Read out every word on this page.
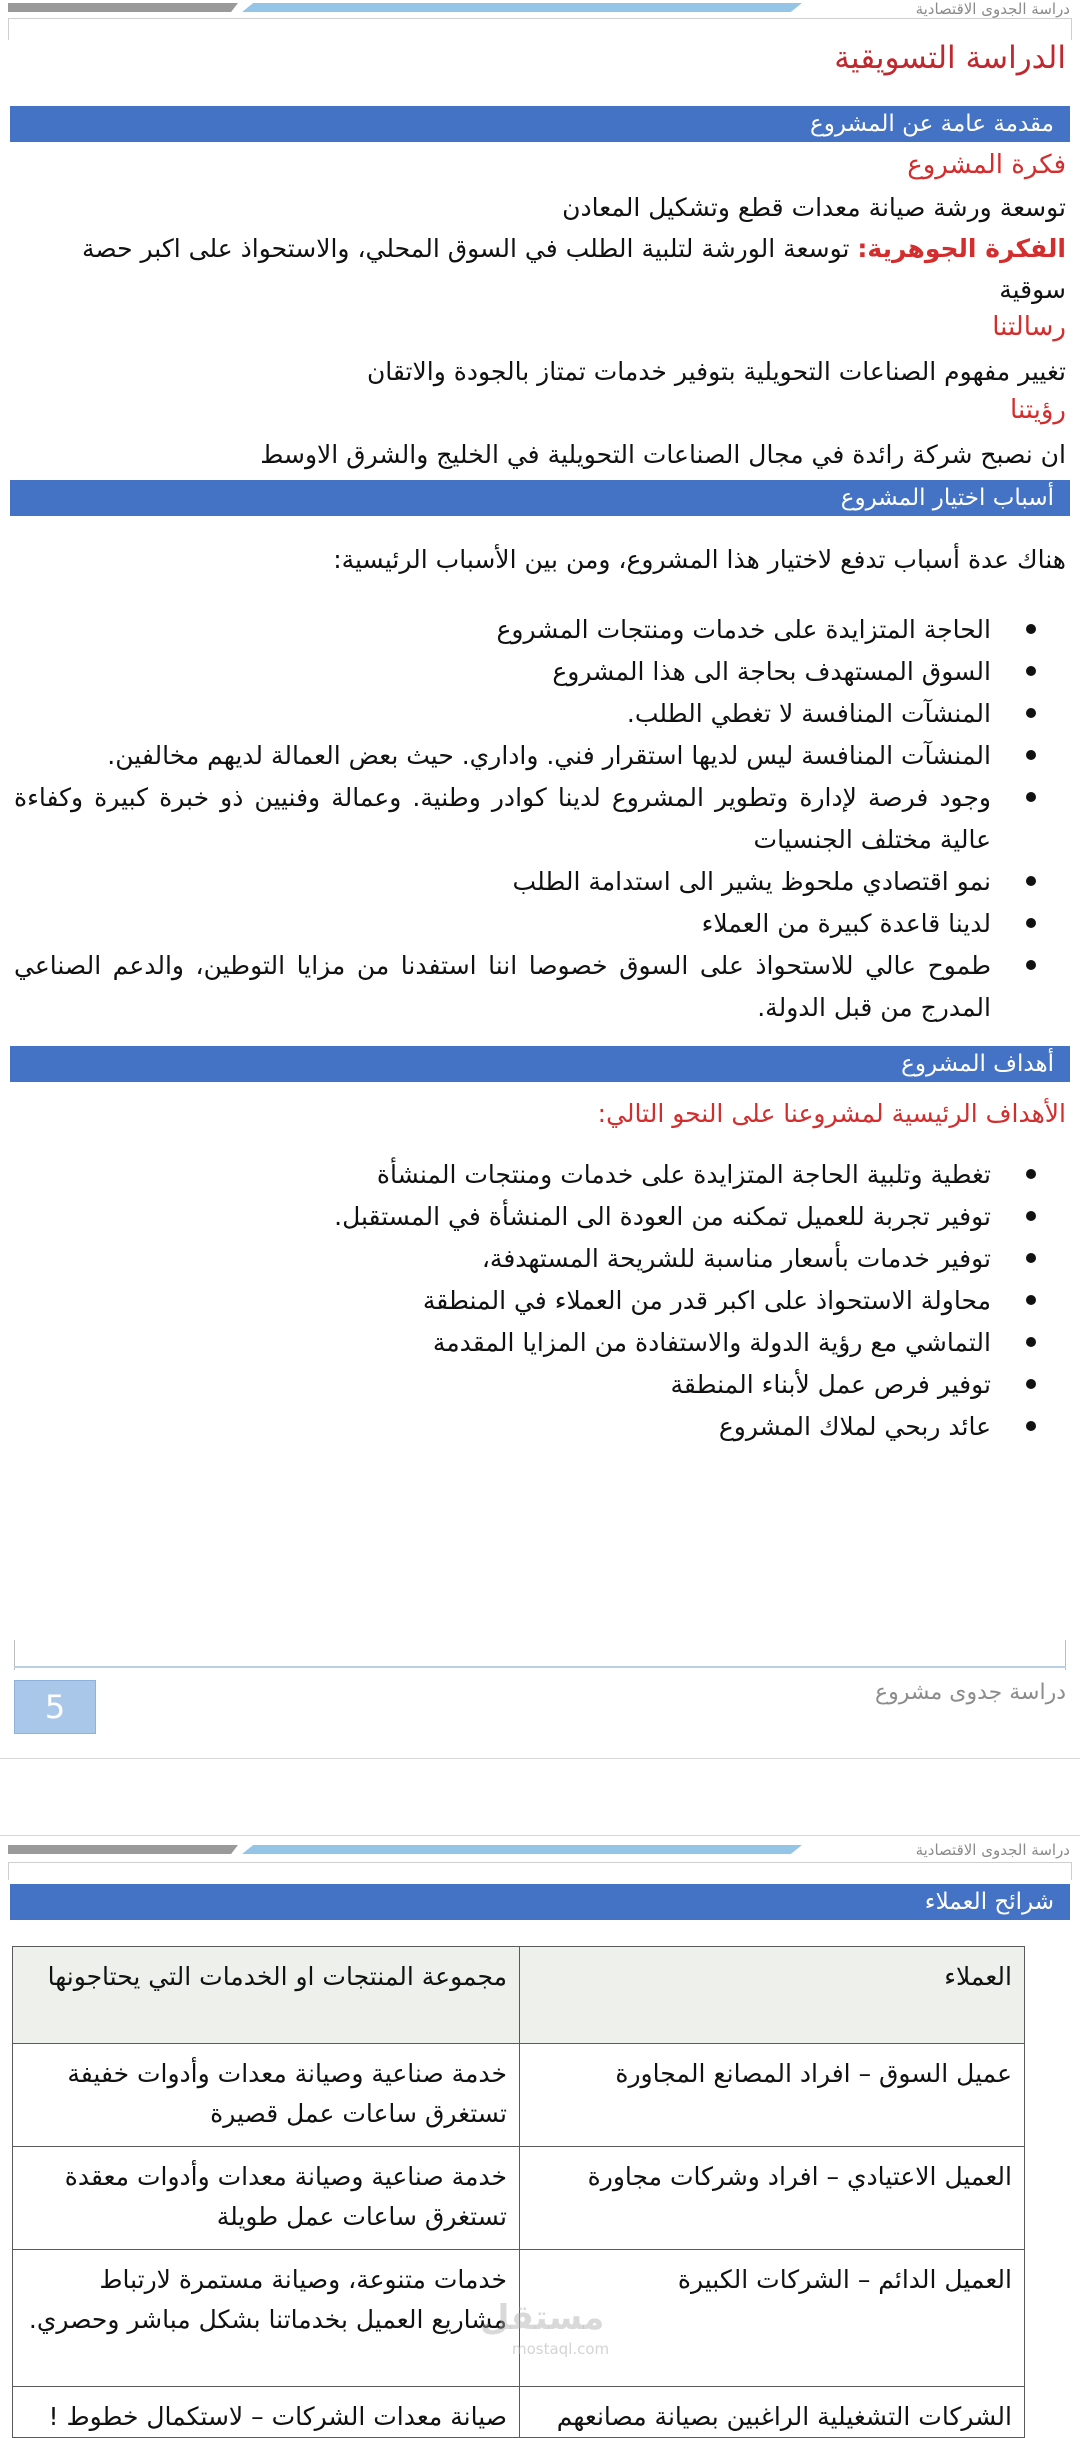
دراسة الجدوى الاقتصادية
الدراسة التسويقية
مقدمة عامة عن المشروع
فكرة المشروع
توسعة ورشة صيانة معدات قطع وتشكيل المعادن
الفكرة الجوهرية: توسعة الورشة لتلبية الطلب في السوق المحلي، والاستحواذ على اكبر حصة
سوقية
رسالتنا
تغيير مفهوم الصناعات التحويلية بتوفير خدمات تمتاز بالجودة والاتقان
رؤيتنا
ان نصبح شركة رائدة في مجال الصناعات التحويلية في الخليج والشرق الاوسط
أسباب اختيار المشروع
هناك عدة أسباب تدفع لاختيار هذا المشروع، ومن بين الأسباب الرئيسية:
الحاجة المتزايدة على خدمات ومنتجات المشروع
السوق المستهدف بحاجة الى هذا المشروع
المنشآت المنافسة لا تغطي الطلب.
المنشآت المنافسة ليس لديها استقرار فني. واداري. حيث بعض العمالة لديهم مخالفين.
وجود فرصة لإدارة وتطوير المشروع لدينا كوادر وطنية. وعمالة وفنيين ذو خبرة كبيرة وكفاءة عالية مختلف الجنسيات
نمو اقتصادي ملحوظ يشير الى استدامة الطلب
لدينا قاعدة كبيرة من العملاء
طموح عالي للاستحواذ على السوق خصوصا اننا استفدنا من مزايا التوطين، والدعم الصناعي المدرج من قبل الدولة.
أهداف المشروع
الأهداف الرئيسية لمشروعنا على النحو التالي:
تغطية وتلبية الحاجة المتزايدة على خدمات ومنتجات المنشأة
توفير تجربة للعميل تمكنه من العودة الى المنشأة في المستقبل.
توفير خدمات بأسعار مناسبة للشريحة المستهدفة،
محاولة الاستحواذ على اكبر قدر من العملاء في المنطقة
التماشي مع رؤية الدولة والاستفادة من المزايا المقدمة
توفير فرص عمل لأبناء المنطقة
عائد ربحي لملاك المشروع
5	دراسة جدوى مشروع
دراسة الجدوى الاقتصادية
شرائح العملاء
العملاء	مجموعة المنتجات او الخدمات التي يحتاجونها
عميل السوق – افراد المصانع المجاورة	خدمة صناعية وصيانة معدات وأدوات خفيفة تستغرق ساعات عمل قصيرة
العميل الاعتيادي – افراد وشركات مجاورة	خدمة صناعية وصيانة معدات وأدوات معقدة تستغرق ساعات عمل طويلة
العميل الدائم – الشركات الكبيرة	خدمات متنوعة، وصيانة مستمرة لارتباط مشاريع العميل بخدماتنا بشكل مباشر وحصري.
الشركات التشغيلية الراغبين بصيانة مصانعهم	صيانة معدات الشركات – لاستكمال خطوط !
مستقل
mostaql.com
